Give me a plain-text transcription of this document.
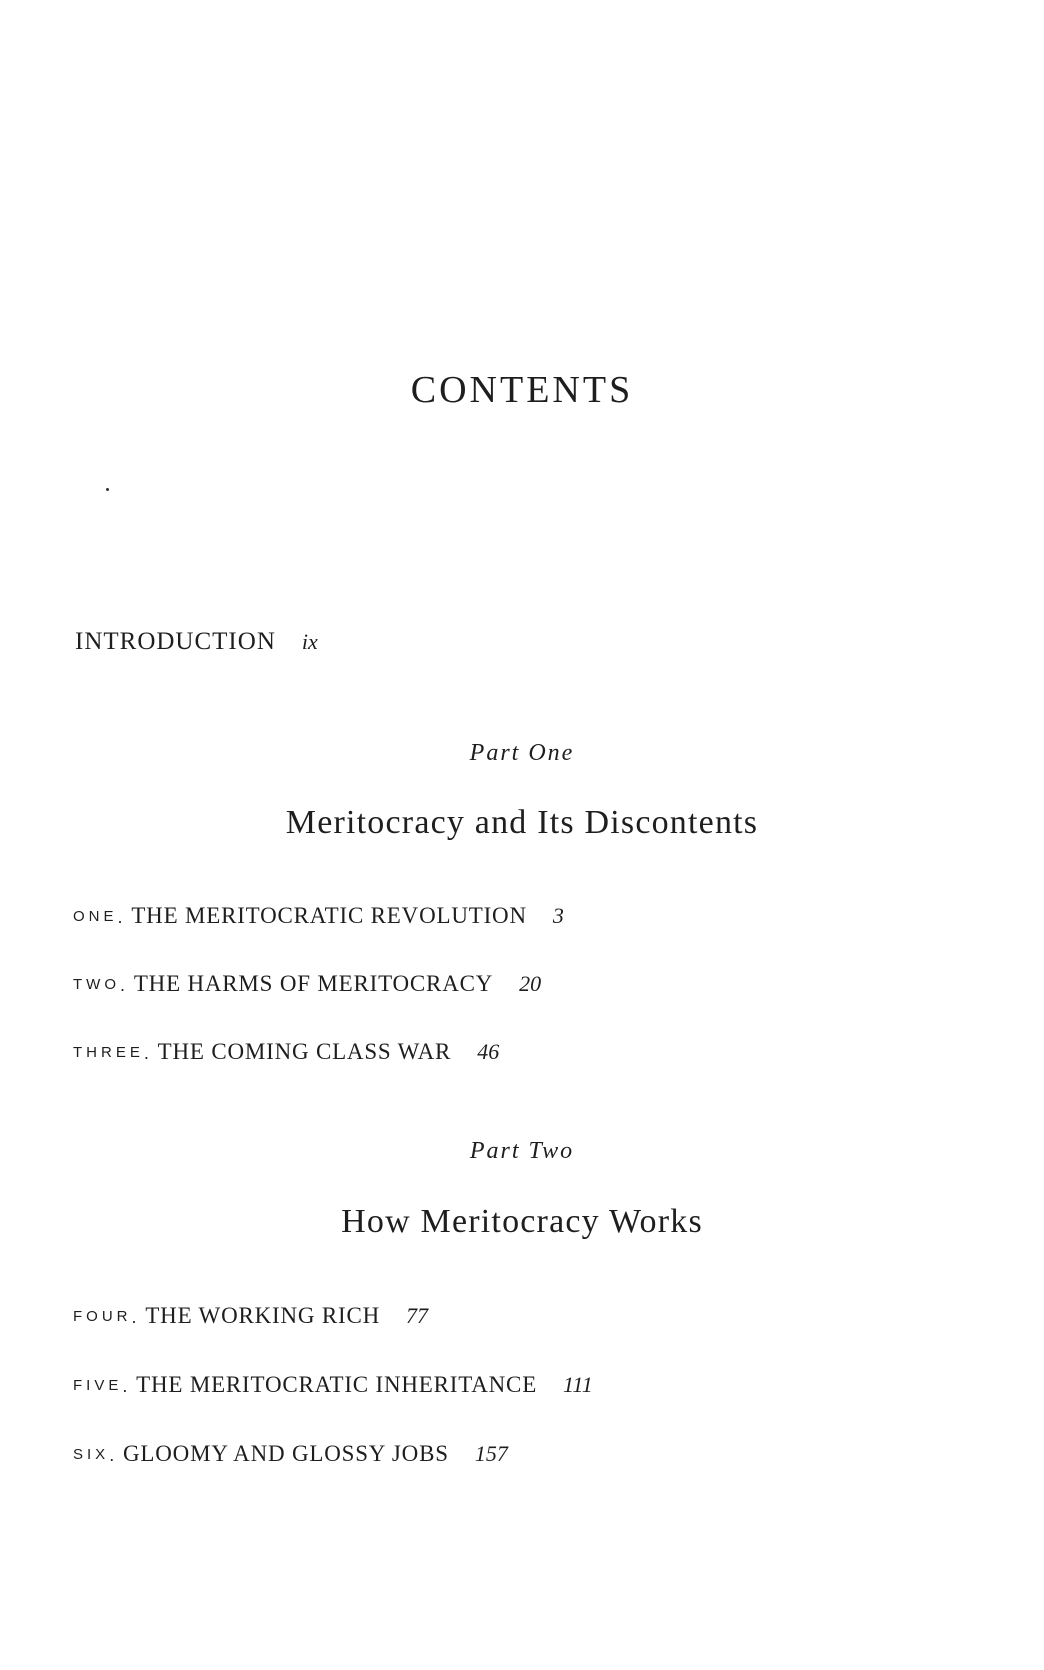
CONTENTS
INTRODUCTION ix
Part One
Meritocracy and Its Discontents
ONE. THE MERITOCRATIC REVOLUTION 3
TWO. THE HARMS OF MERITOCRACY 20
THREE. THE COMING CLASS WAR 46
Part Two
How Meritocracy Works
FOUR. THE WORKING RICH 77
FIVE. THE MERITOCRATIC INHERITANCE 111
SIX. GLOOMY AND GLOSSY JOBS 157
